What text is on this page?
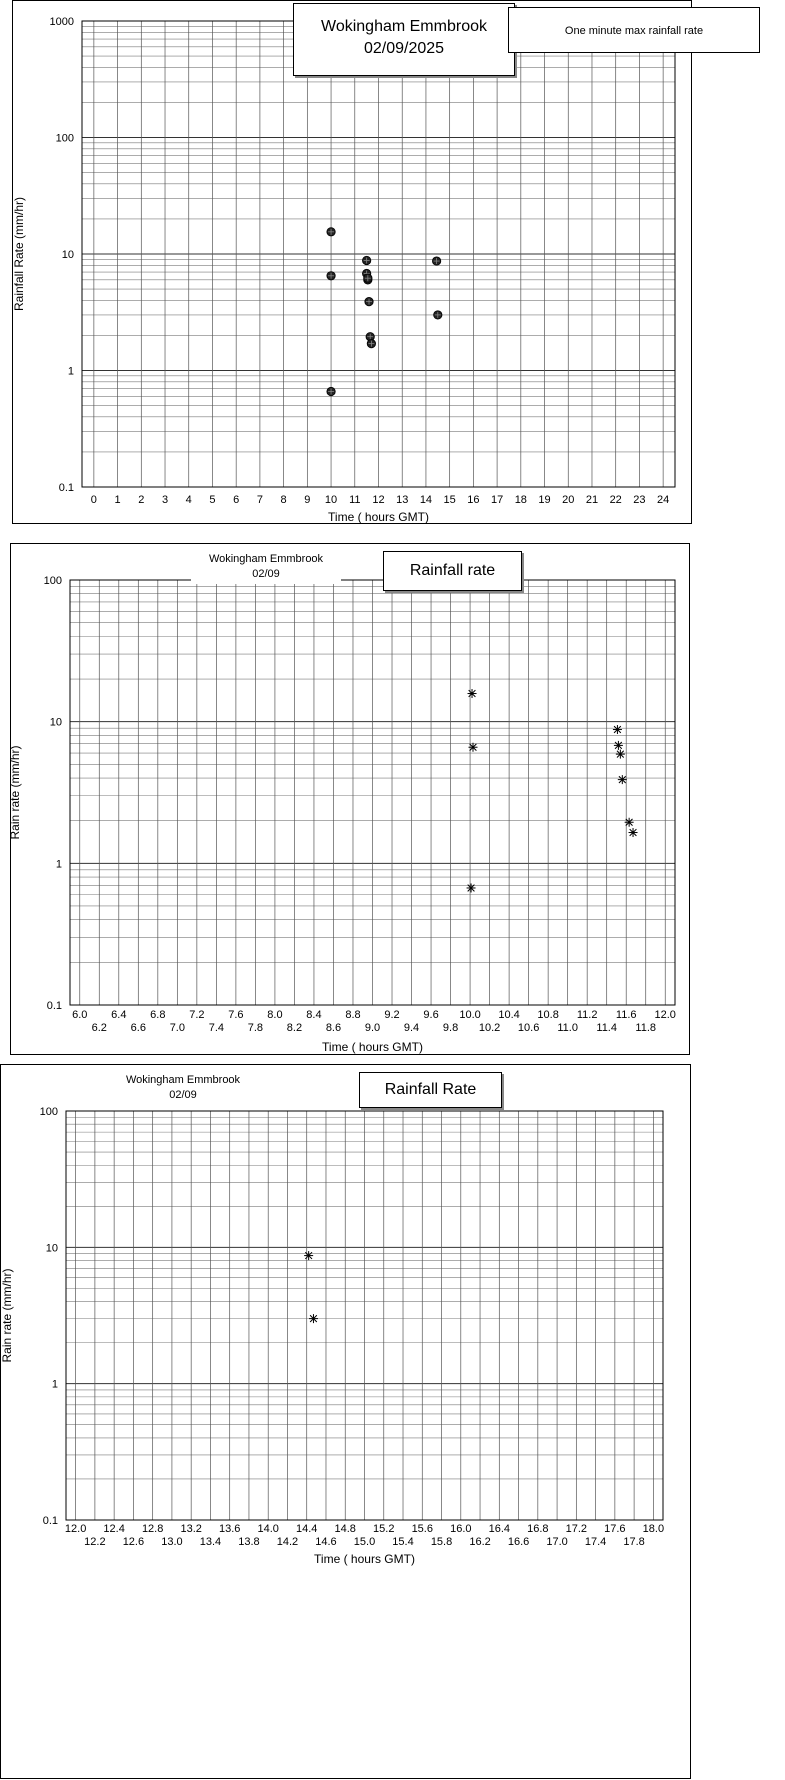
0 1 2 3 4 5 6 7 8 9 10 11 12 13 14 15 16 17 18 19 20 21 22 23 24
0.1
1
10
100
1000
Time ( hours GMT)
Rainfall Rate (mm/hr)
Wokingham Emmbrook
02/09/2025
One minute max rainfall rate
6.0
6.2
6.4
6.6
6.8
7.0
7.2
7.4
7.6
7.8
8.0
8.2
8.4
8.6
8.8
9.0
9.2
9.4
9.6
9.8
10.0
10.2
10.4
10.6
10.8
11.0
11.2
11.4
11.6
11.8
12.0
0.1
1
10
100
Time ( hours GMT)
Rain rate (mm/hr)
Wokingham Emmbrook
02/09	Rainfall rate
12.0
12.2
12.4
12.6
12.8
13.0
13.2
13.4
13.6
13.8
14.0
14.2
14.4
14.6
14.8
15.0
15.2
15.4
15.6
15.8
16.0
16.2
16.4
16.6
16.8
17.0
17.2
17.4
17.6
17.8
18.0
0.1
1
10
100
Time ( hours GMT)
Rain rate (mm/hr)
Wokingham Emmbrook
02/09	Rainfall Rate
